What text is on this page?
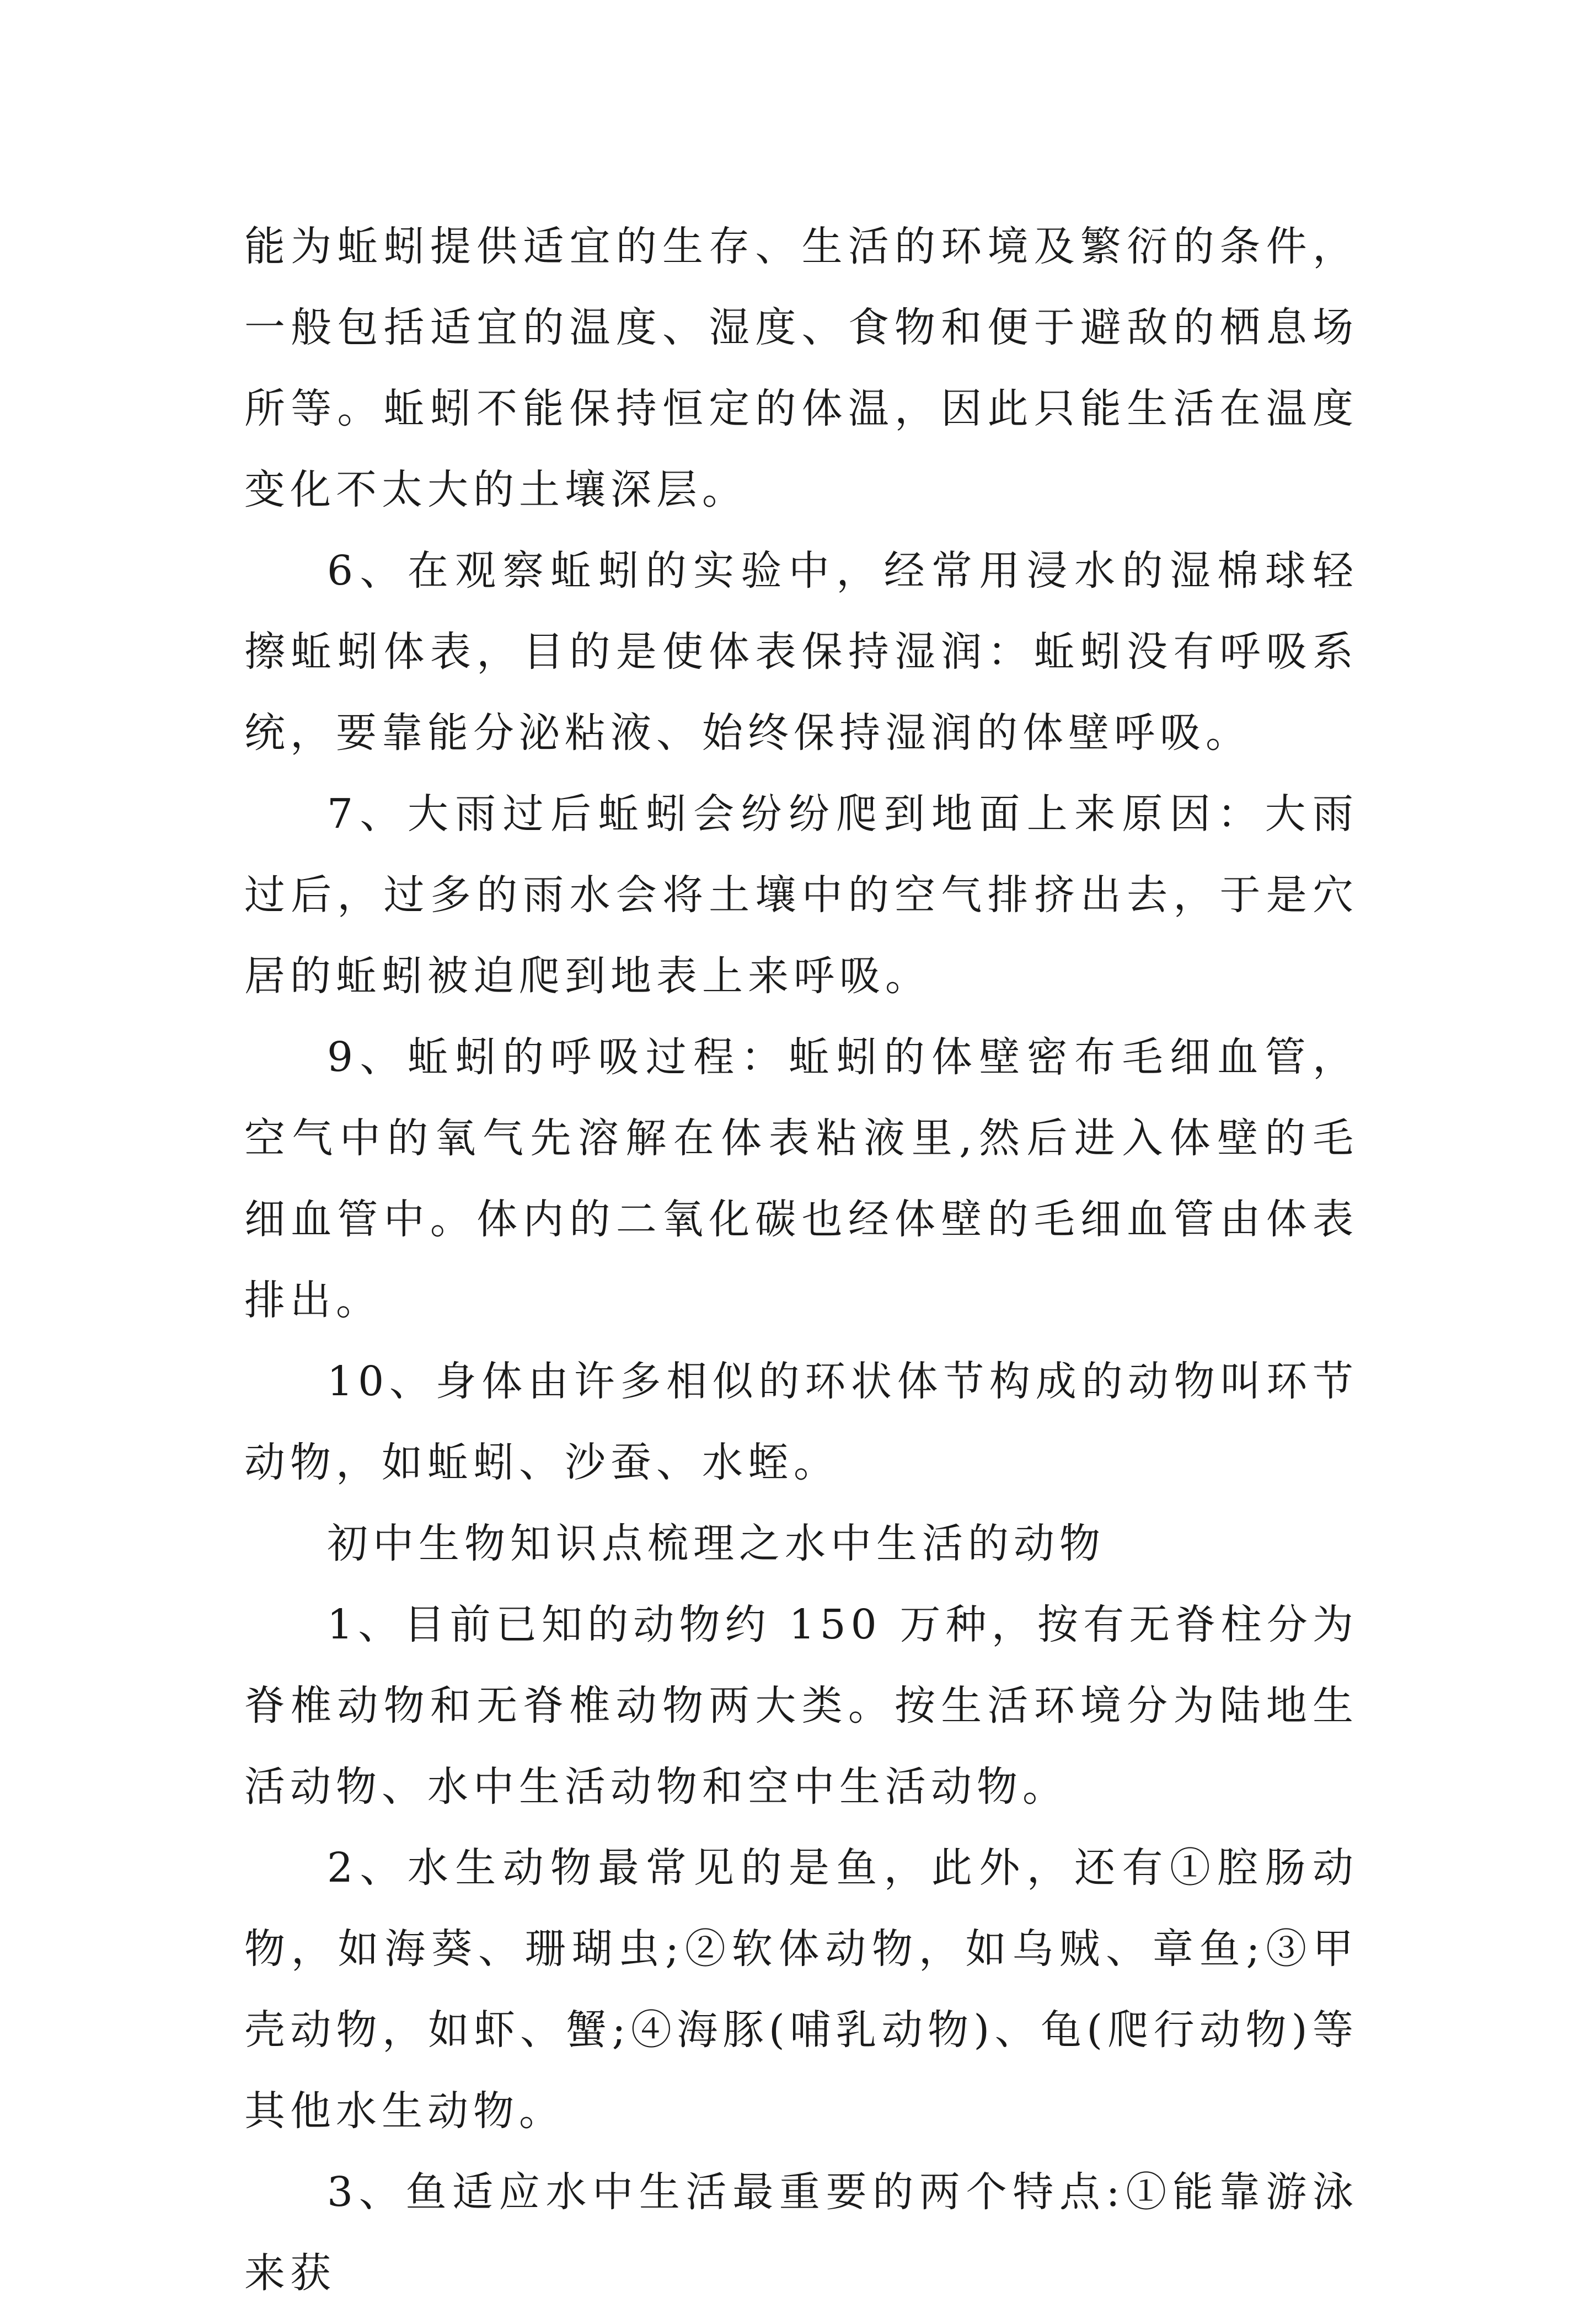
能为蚯蚓提供适宜的生存、生活的环境及繁衍的条件，一般包括适宜的温度、湿度、食物和便于避敌的栖息场所等。蚯蚓不能保持恒定的体温，因此只能生活在温度变化不太大的土壤深层。

6、在观察蚯蚓的实验中，经常用浸水的湿棉球轻擦蚯蚓体表，目的是使体表保持湿润：蚯蚓没有呼吸系统，要靠能分泌粘液、始终保持湿润的体壁呼吸。

7、大雨过后蚯蚓会纷纷爬到地面上来原因：大雨过后，过多的雨水会将土壤中的空气排挤出去，于是穴居的蚯蚓被迫爬到地表上来呼吸。

9、蚯蚓的呼吸过程：蚯蚓的体壁密布毛细血管，空气中的氧气先溶解在体表粘液里,然后进入体壁的毛细血管中。体内的二氧化碳也经体壁的毛细血管由体表排出。

10、身体由许多相似的环状体节构成的动物叫环节动物，如蚯蚓、沙蚕、水蛭。

初中生物知识点梳理之水中生活的动物

1、目前已知的动物约 150 万种，按有无脊柱分为脊椎动物和无脊椎动物两大类。按生活环境分为陆地生活动物、水中生活动物和空中生活动物。

2、水生动物最常见的是鱼，此外，还有①腔肠动物，如海葵、珊瑚虫;②软体动物，如乌贼、章鱼;③甲壳动物，如虾、蟹;④海豚(哺乳动物)、龟(爬行动物)等其他水生动物。

3、鱼适应水中生活最重要的两个特点:①能靠游泳来获
